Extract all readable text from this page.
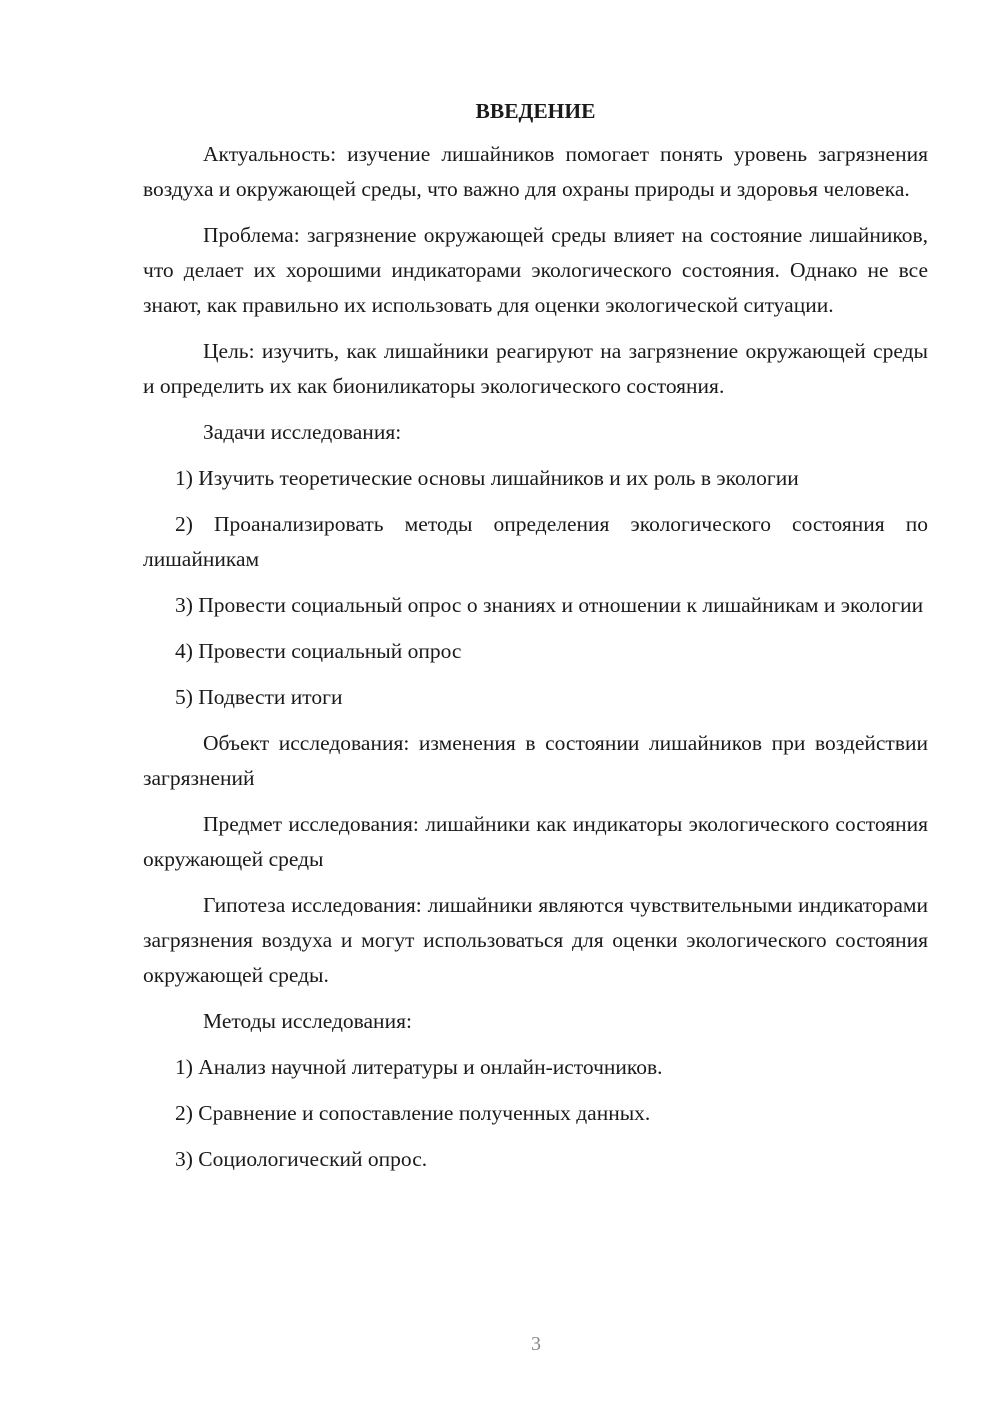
ВВЕДЕНИЕ

Актуальность: изучение лишайников помогает понять уровень загрязнения воздуха и окружающей среды, что важно для охраны природы и здоровья человека.

Проблема: загрязнение окружающей среды влияет на состояние лишайников, что делает их хорошими индикаторами экологического состояния. Однако не все знают, как правильно их использовать для оценки экологической ситуации.

Цель: изучить, как лишайники реагируют на загрязнение окружающей среды и определить их как биониликаторы экологического состояния.

Задачи исследования:

1) Изучить теоретические основы лишайников и их роль в экологии

2) Проанализировать методы определения экологического состояния по лишайникам

3) Провести социальный опрос о знаниях и отношении к лишайникам и экологии

4) Провести социальный опрос

5) Подвести итоги

Объект исследования: изменения в состоянии лишайников при воздействии загрязнений

Предмет исследования: лишайники как индикаторы экологического состояния окружающей среды

Гипотеза исследования: лишайники являются чувствительными индикаторами загрязнения воздуха и могут использоваться для оценки экологического состояния окружающей среды.

Методы исследования:

1) Анализ научной литературы и онлайн-источников.

2) Сравнение и сопоставление полученных данных.

3) Социологический опрос.

3
